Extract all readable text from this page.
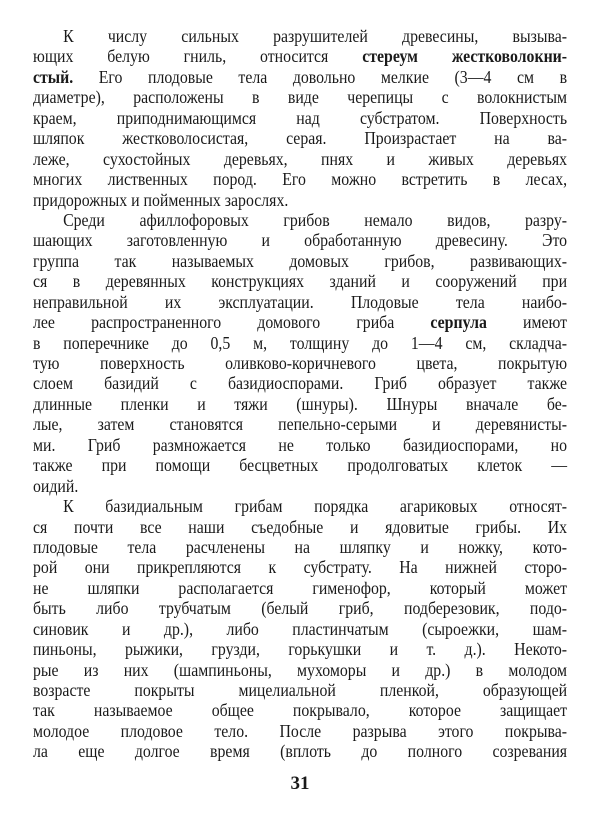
К числу сильных разрушителей древесины, вызыва-
ющих белую гниль, относится стереум жестковолокни-
стый. Его плодовые тела довольно мелкие (3—4 см в
диаметре), расположены в виде черепицы с волокнистым
краем, приподнимающимся над субстратом. Поверхность
шляпок жестковолосистая, серая. Произрастает на ва-
леже, сухостойных деревьях, пнях и живых деревьях
многих лиственных пород. Его можно встретить в лесах,
придорожных и пойменных зарослях.
Среди афиллофоровых грибов немало видов, разру-
шающих заготовленную и обработанную древесину. Это
группа так называемых домовых грибов, развивающих-
ся в деревянных конструкциях зданий и сооружений при
неправильной их эксплуатации. Плодовые тела наибо-
лее распространенного домового гриба серпула имеют
в поперечнике до 0,5 м, толщину до 1—4 см, складча-
тую поверхность оливково-коричневого цвета, покрытую
слоем базидий с базидиоспорами. Гриб образует также
длинные пленки и тяжи (шнуры). Шнуры вначале бе-
лые, затем становятся пепельно-серыми и деревянисты-
ми. Гриб размножается не только базидиоспорами, но
также при помощи бесцветных продолговатых клеток —
оидий.
К базидиальным грибам порядка агариковых относят-
ся почти все наши съедобные и ядовитые грибы. Их
плодовые тела расчленены на шляпку и ножку, кото-
рой они прикрепляются к субстрату. На нижней сторо-
не шляпки располагается гименофор, который может
быть либо трубчатым (белый гриб, подберезовик, подо-
синовик и др.), либо пластинчатым (сыроежки, шам-
пиньоны, рыжики, грузди, горькушки и т. д.). Некото-
рые из них (шампиньоны, мухоморы и др.) в молодом
возрасте покрыты мицелиальной пленкой, образующей
так называемое общее покрывало, которое защищает
молодое плодовое тело. После разрыва этого покрыва-
ла еще долгое время (вплоть до полного созревания
31
